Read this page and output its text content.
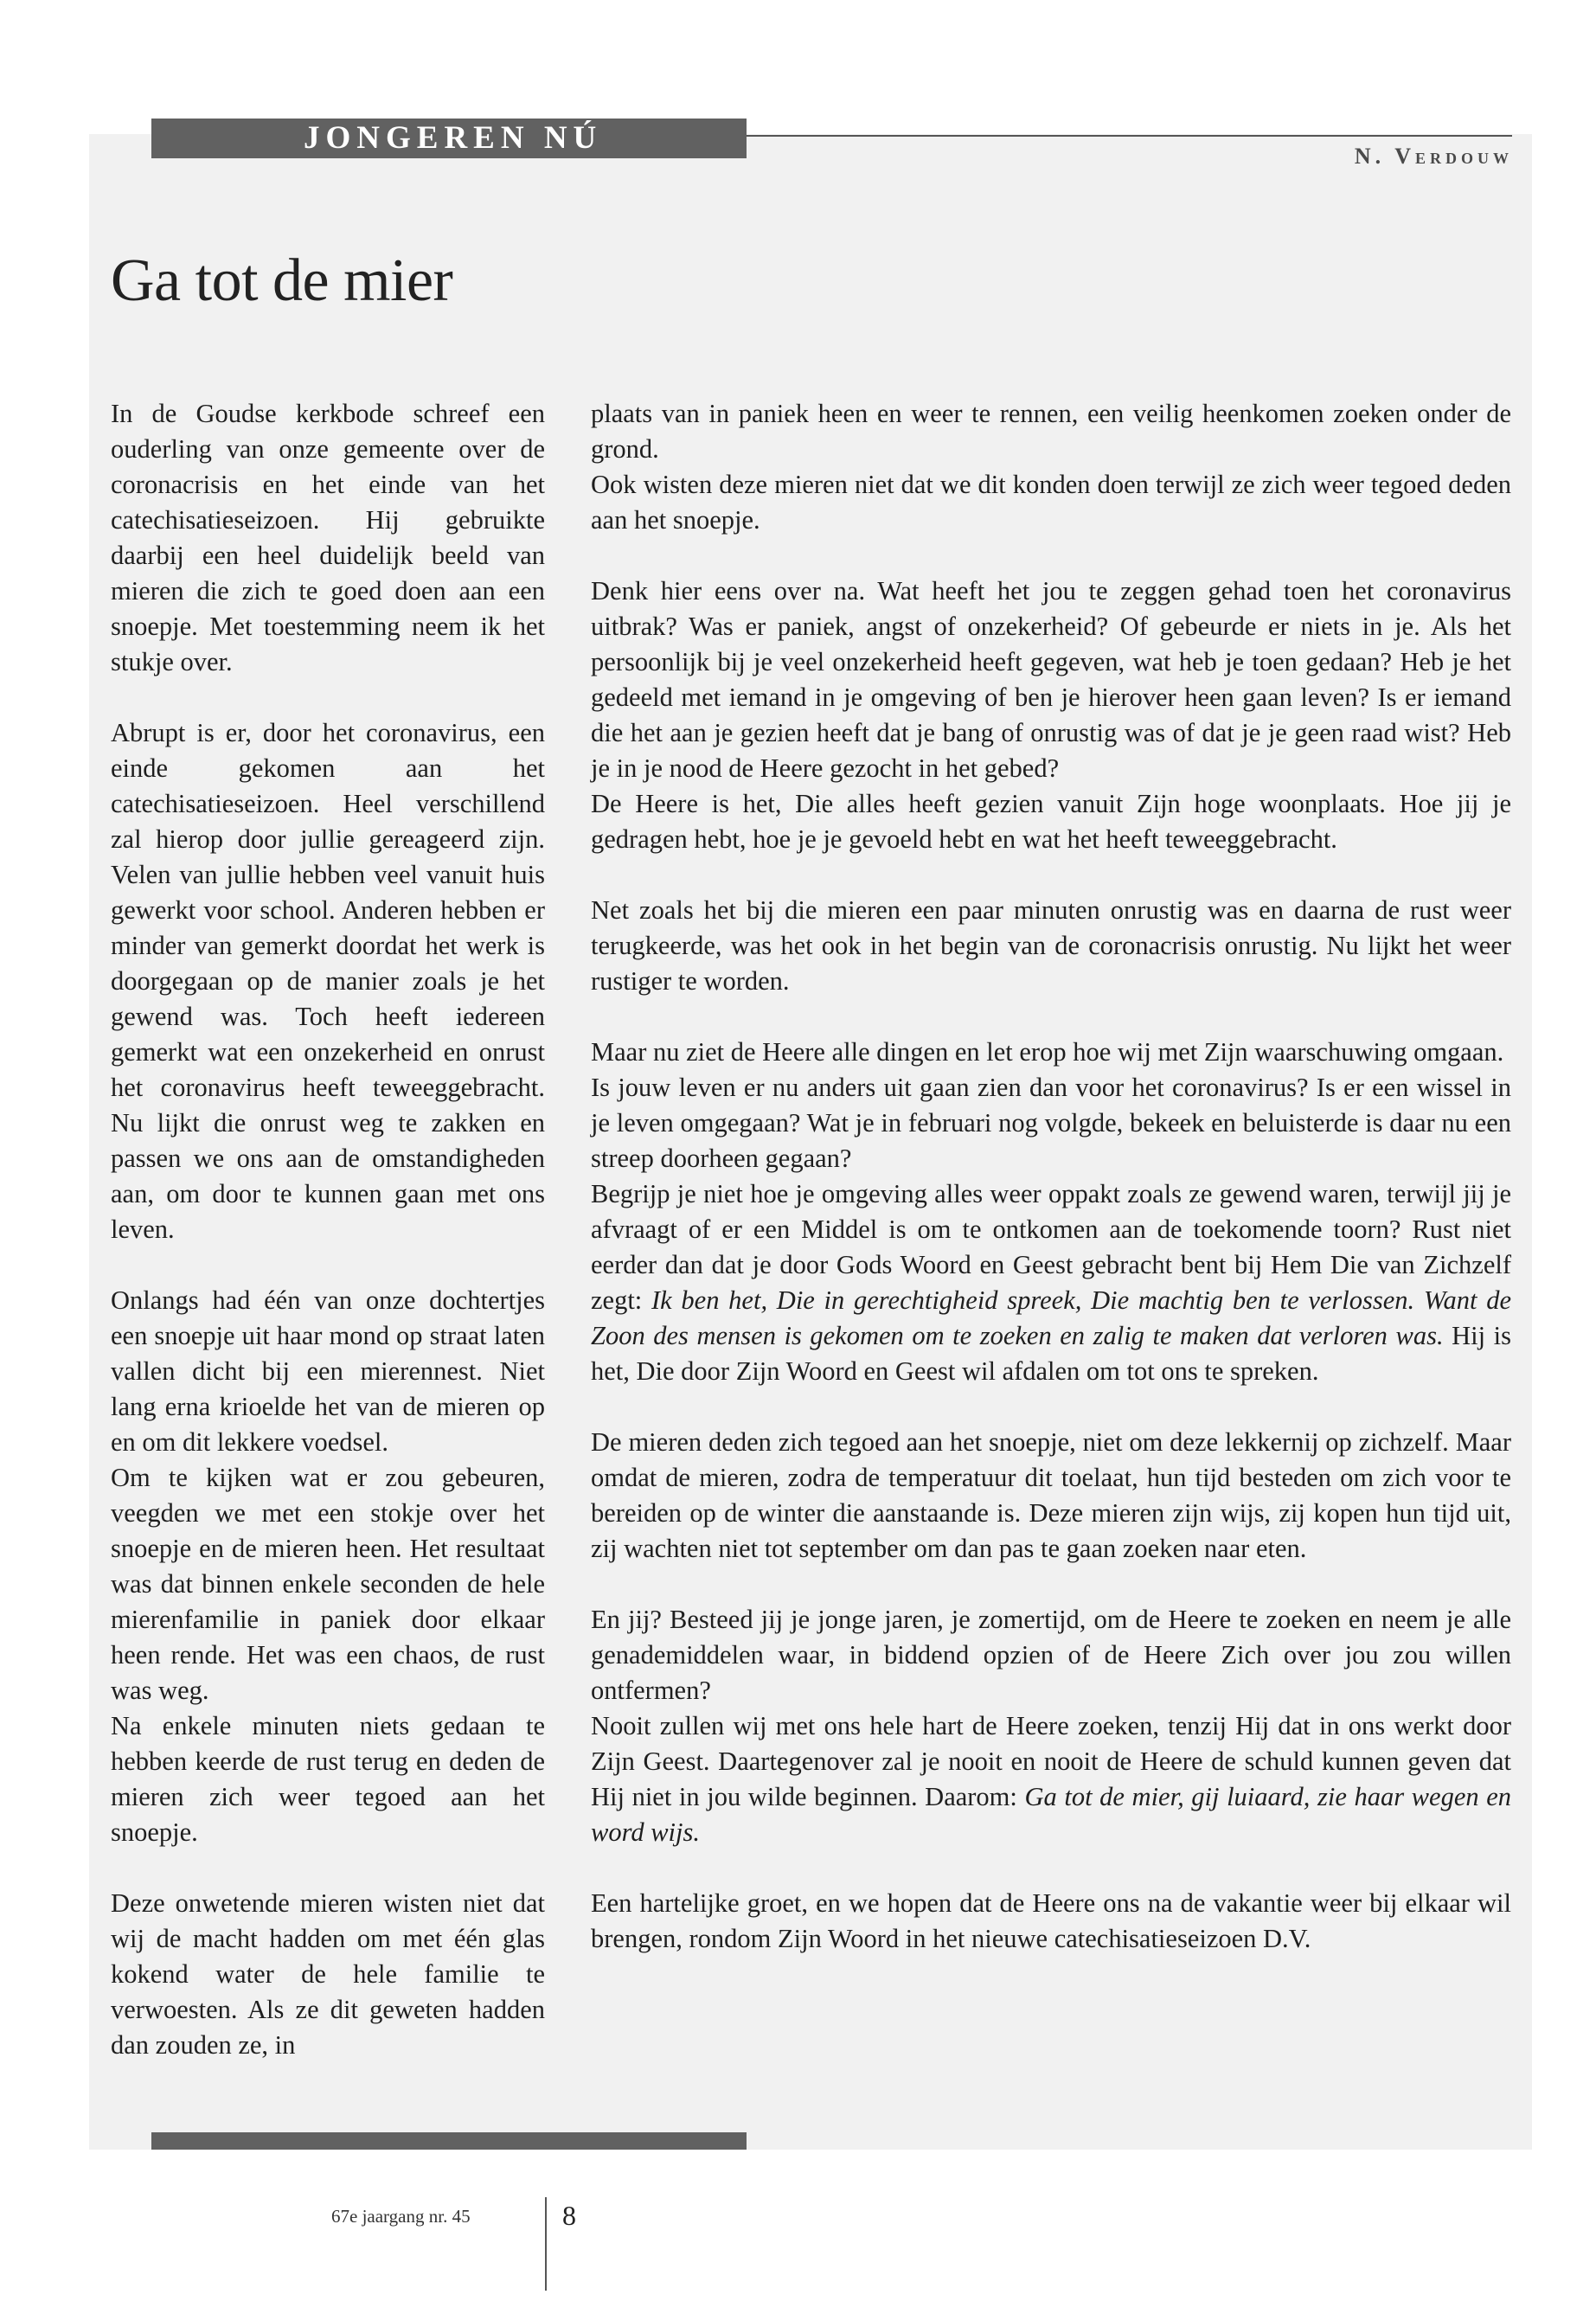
JONGEREN NÚ
N. Verdouw
Ga tot de mier

In de Goudse kerkbode schreef een ouderling van onze gemeente over de coronacrisis en het einde van het catechisatieseizoen. Hij gebruikte daarbij een heel duidelijk beeld van mieren die zich te goed doen aan een snoepje. Met toestemming neem ik het stukje over.

Abrupt is er, door het coronavirus, een einde gekomen aan het catechisatieseizoen. Heel verschillend zal hierop door jullie gereageerd zijn. Velen van jullie hebben veel vanuit huis gewerkt voor school. Anderen hebben er minder van gemerkt doordat het werk is doorgegaan op de manier zoals je het gewend was. Toch heeft iedereen gemerkt wat een onzekerheid en onrust het coronavirus heeft teweeggebracht. Nu lijkt die onrust weg te zakken en passen we ons aan de omstandigheden aan, om door te kunnen gaan met ons leven.

Onlangs had één van onze dochtertjes een snoepje uit haar mond op straat laten vallen dicht bij een mierennest. Niet lang erna krioelde het van de mieren op en om dit lekkere voedsel.

Om te kijken wat er zou gebeuren, veegden we met een stokje over het snoepje en de mieren heen. Het resultaat was dat binnen enkele seconden de hele mierenfamilie in paniek door elkaar heen rende. Het was een chaos, de rust was weg.

Na enkele minuten niets gedaan te hebben keerde de rust terug en deden de mieren zich weer tegoed aan het snoepje.

Deze onwetende mieren wisten niet dat wij de macht hadden om met één glas kokend water de hele familie te verwoesten. Als ze dit geweten hadden dan zouden ze, in

plaats van in paniek heen en weer te rennen, een veilig heenkomen zoeken onder de grond.

Ook wisten deze mieren niet dat we dit konden doen terwijl ze zich weer tegoed deden aan het snoepje.

Denk hier eens over na. Wat heeft het jou te zeggen gehad toen het coronavirus uitbrak? Was er paniek, angst of onzekerheid? Of gebeurde er niets in je. Als het persoonlijk bij je veel onzekerheid heeft gegeven, wat heb je toen gedaan? Heb je het gedeeld met iemand in je omgeving of ben je hierover heen gaan leven? Is er iemand die het aan je gezien heeft dat je bang of onrustig was of dat je je geen raad wist? Heb je in je nood de Heere gezocht in het gebed?

De Heere is het, Die alles heeft gezien vanuit Zijn hoge woonplaats. Hoe jij je gedragen hebt, hoe je je gevoeld hebt en wat het heeft teweeggebracht.

Net zoals het bij die mieren een paar minuten onrustig was en daarna de rust weer terugkeerde, was het ook in het begin van de coronacrisis onrustig. Nu lijkt het weer rustiger te worden.

Maar nu ziet de Heere alle dingen en let erop hoe wij met Zijn waarschuwing omgaan.

Is jouw leven er nu anders uit gaan zien dan voor het coronavirus? Is er een wissel in je leven omgegaan? Wat je in februari nog volgde, bekeek en beluisterde is daar nu een streep doorheen gegaan?

Begrijp je niet hoe je omgeving alles weer oppakt zoals ze gewend waren, terwijl jij je afvraagt of er een Middel is om te ontkomen aan de toekomende toorn? Rust niet eerder dan dat je door Gods Woord en Geest gebracht bent bij Hem Die van Zichzelf zegt: Ik ben het, Die in gerechtigheid spreek, Die machtig ben te verlossen. Want de Zoon des mensen is gekomen om te zoeken en zalig te maken dat verloren was. Hij is het, Die door Zijn Woord en Geest wil afdalen om tot ons te spreken.

De mieren deden zich tegoed aan het snoepje, niet om deze lekkernij op zichzelf. Maar omdat de mieren, zodra de temperatuur dit toelaat, hun tijd besteden om zich voor te bereiden op de winter die aanstaande is. Deze mieren zijn wijs, zij kopen hun tijd uit, zij wachten niet tot september om dan pas te gaan zoeken naar eten.

En jij? Besteed jij je jonge jaren, je zomertijd, om de Heere te zoeken en neem je alle genademiddelen waar, in biddend opzien of de Heere Zich over jou zou willen ontfermen?

Nooit zullen wij met ons hele hart de Heere zoeken, tenzij Hij dat in ons werkt door Zijn Geest. Daartegenover zal je nooit en nooit de Heere de schuld kunnen geven dat Hij niet in jou wilde beginnen. Daarom: Ga tot de mier, gij luiaard, zie haar wegen en word wijs.

Een hartelijke groet, en we hopen dat de Heere ons na de vakantie weer bij elkaar wil brengen, rondom Zijn Woord in het nieuwe catechisatieseizoen D.V.

67e jaargang nr. 45	8
